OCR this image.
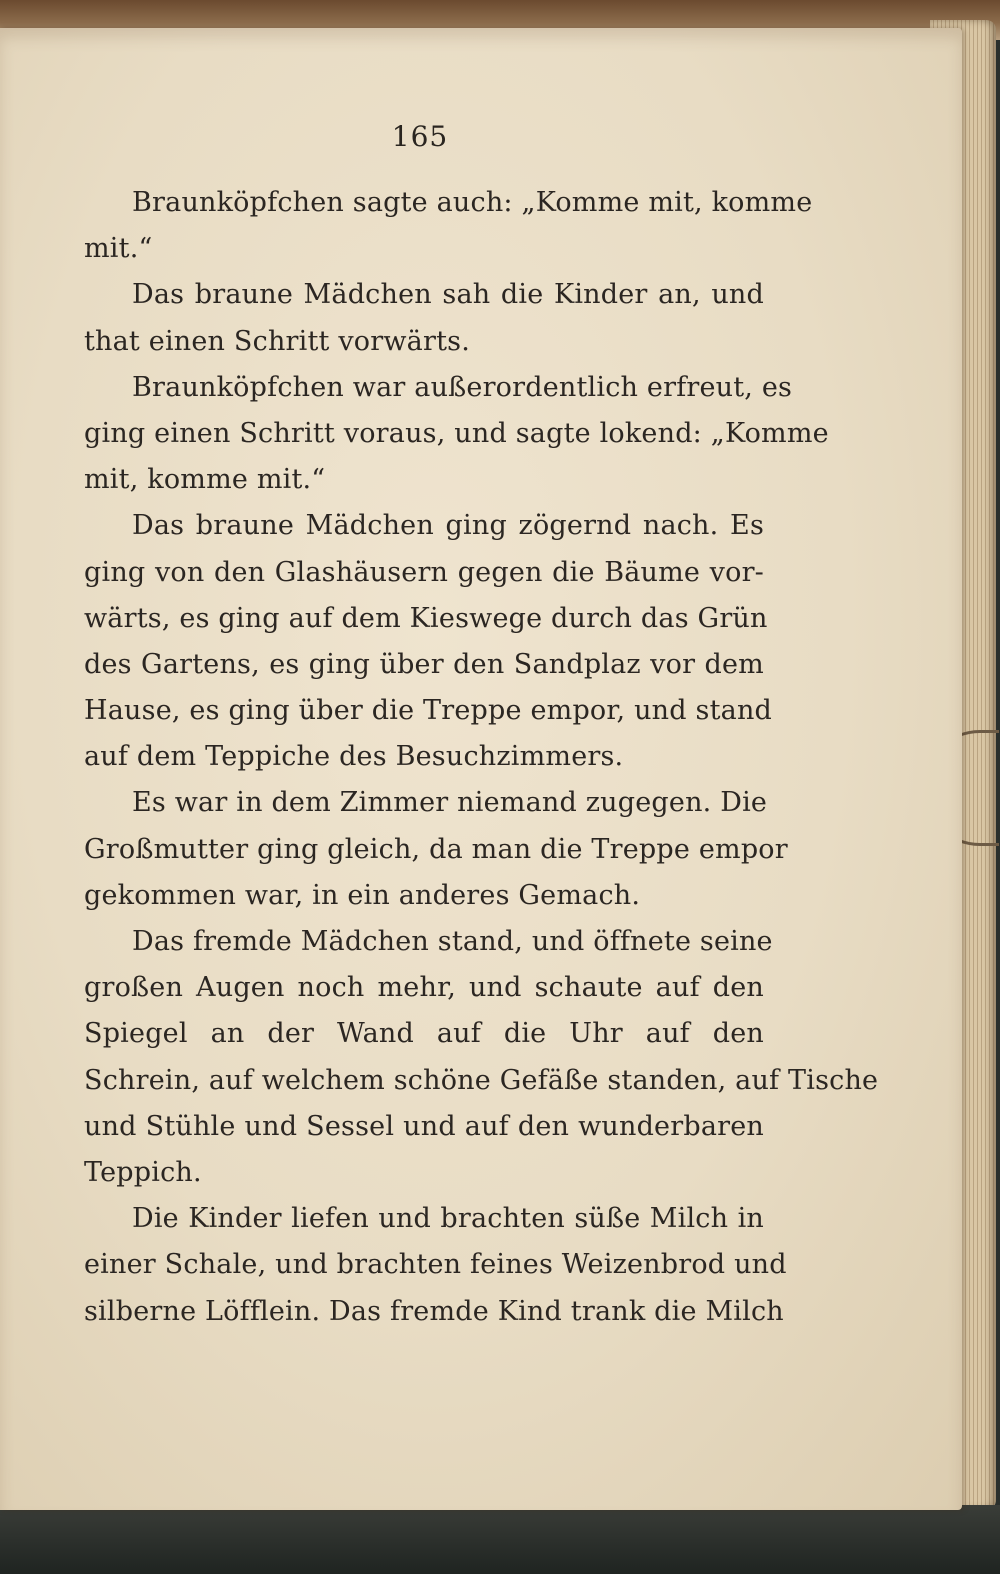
165
Braunköpfchen sagte auch: „Komme mit, komme
mit.“
Das braune Mädchen sah die Kinder an, und
that einen Schritt vorwärts.
Braunköpfchen war außerordentlich erfreut, es
ging einen Schritt voraus, und sagte lokend: „Komme
mit, komme mit.“
Das braune Mädchen ging zögernd nach. Es
ging von den Glashäusern gegen die Bäume vor-
wärts, es ging auf dem Kieswege durch das Grün
des Gartens, es ging über den Sandplaz vor dem
Hause, es ging über die Treppe empor, und stand
auf dem Teppiche des Besuchzimmers.
Es war in dem Zimmer niemand zugegen. Die
Großmutter ging gleich, da man die Treppe empor
gekommen war, in ein anderes Gemach.
Das fremde Mädchen stand, und öffnete seine
großen Augen noch mehr, und schaute auf den
Spiegel an der Wand auf die Uhr auf den
Schrein, auf welchem schöne Gefäße standen, auf Tische
und Stühle und Sessel und auf den wunderbaren
Teppich.
Die Kinder liefen und brachten süße Milch in
einer Schale, und brachten feines Weizenbrod und
silberne Löfflein. Das fremde Kind trank die Milch
